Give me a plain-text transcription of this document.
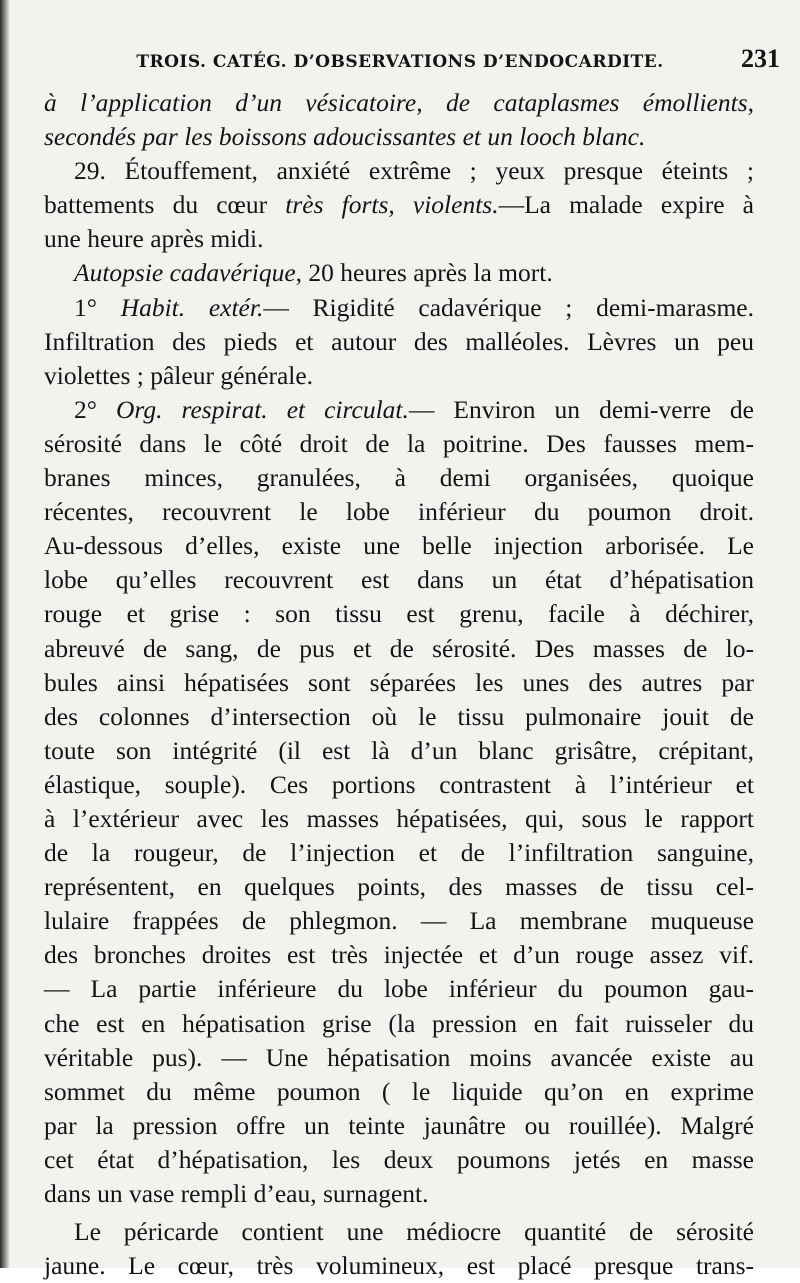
TROIS. CATÉG. D’OBSERVATIONS D’ENDOCARDITE.	231
à l’application d’un vésicatoire, de cataplasmes émollients,
secondés par les boissons adoucissantes et un looch blanc.
29. Étouffement, anxiété extrême ; yeux presque éteints ;
battements du cœur très forts, violents.—La malade expire à
une heure après midi.
Autopsie cadavérique, 20 heures après la mort.
1° Habit. extér.— Rigidité cadavérique ; demi-marasme.
Infiltration des pieds et autour des malléoles. Lèvres un peu
violettes ; pâleur générale.
2° Org. respirat. et circulat.— Environ un demi-verre de
sérosité dans le côté droit de la poitrine. Des fausses mem-
branes minces, granulées, à demi organisées, quoique
récentes, recouvrent le lobe inférieur du poumon droit.
Au-dessous d’elles, existe une belle injection arborisée. Le
lobe qu’elles recouvrent est dans un état d’hépatisation
rouge et grise : son tissu est grenu, facile à déchirer,
abreuvé de sang, de pus et de sérosité. Des masses de lo-
bules ainsi hépatisées sont séparées les unes des autres par
des colonnes d’intersection où le tissu pulmonaire jouit de
toute son intégrité (il est là d’un blanc grisâtre, crépitant,
élastique, souple). Ces portions contrastent à l’intérieur et
à l’extérieur avec les masses hépatisées, qui, sous le rapport
de la rougeur, de l’injection et de l’infiltration sanguine,
représentent, en quelques points, des masses de tissu cel-
lulaire frappées de phlegmon. — La membrane muqueuse
des bronches droites est très injectée et d’un rouge assez vif.
— La partie inférieure du lobe inférieur du poumon gau-
che est en hépatisation grise (la pression en fait ruisseler du
véritable pus). — Une hépatisation moins avancée existe au
sommet du même poumon ( le liquide qu’on en exprime
par la pression offre un teinte jaunâtre ou rouillée). Malgré
cet état d’hépatisation, les deux poumons jetés en masse
dans un vase rempli d’eau, surnagent.
Le péricarde contient une médiocre quantité de sérosité
jaune. Le cœur, très volumineux, est placé presque trans-
